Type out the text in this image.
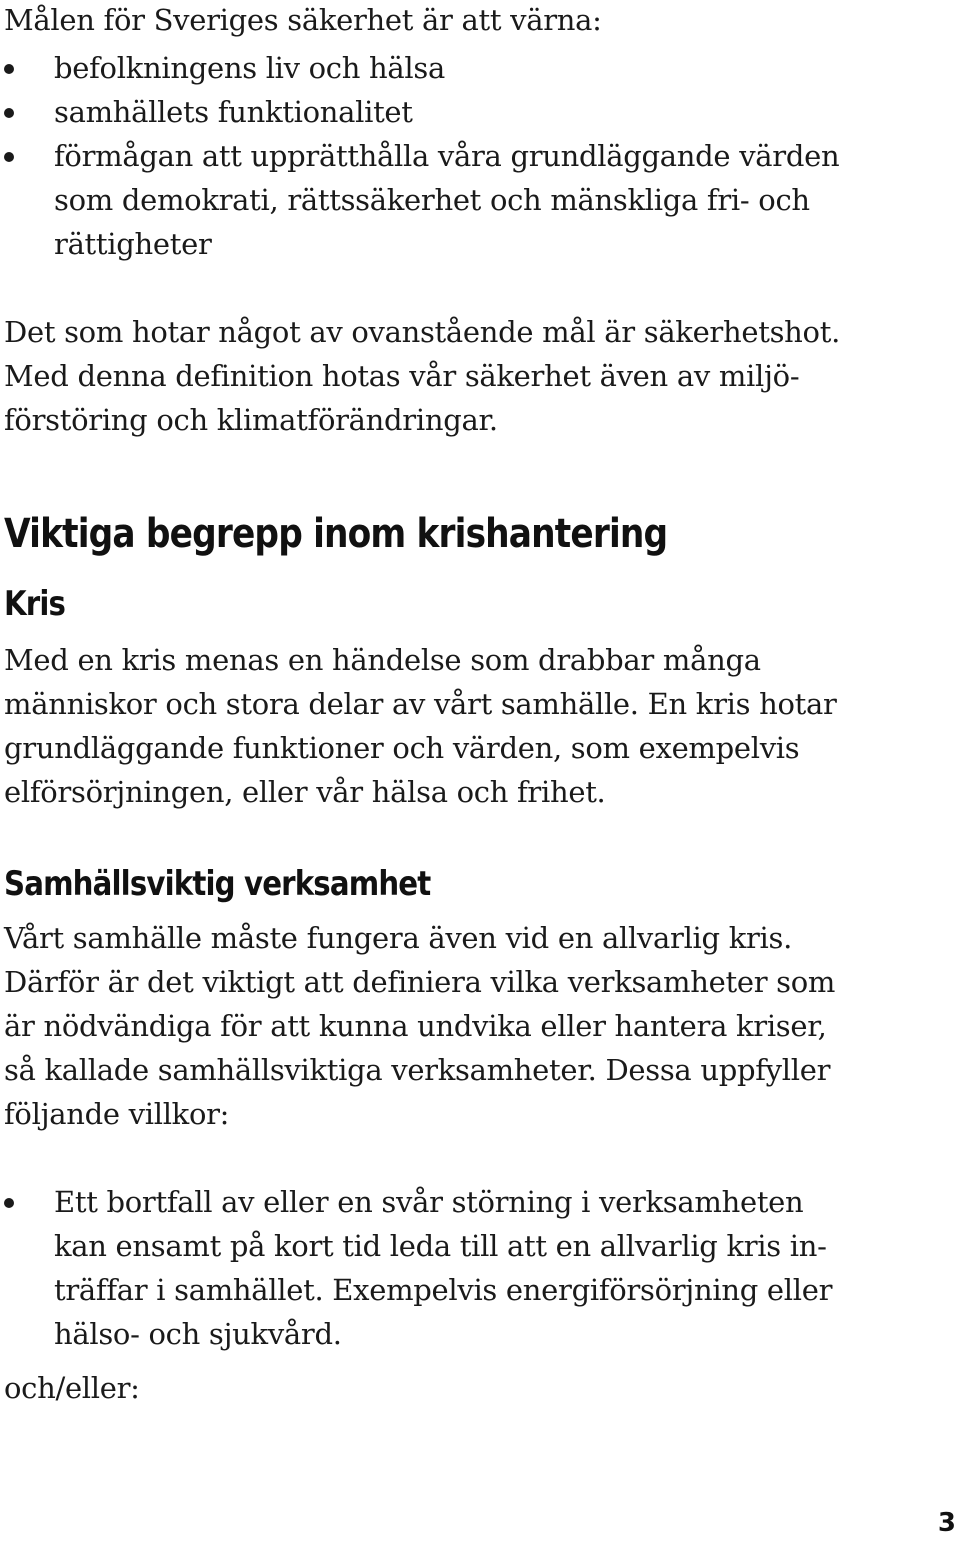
Målen för Sveriges säkerhet är att värna:
befolkningens liv och hälsa
samhällets funktionalitet
förmågan att upprätthålla våra grundläggande värden
som demokrati, rättssäkerhet och mänskliga fri- och
rättigheter
Det som hotar något av ovanstående mål är säkerhetshot.
Med denna definition hotas vår säkerhet även av miljö-
förstöring och klimatförändringar.
Viktiga begrepp inom krishantering
Kris
Med en kris menas en händelse som drabbar många
människor och stora delar av vårt samhälle. En kris hotar
grundläggande funktioner och värden, som exempelvis
elförsörjningen, eller vår hälsa och frihet.
Samhällsviktig verksamhet
Vårt samhälle måste fungera även vid en allvarlig kris.
Därför är det viktigt att definiera vilka verksamheter som
är nödvändiga för att kunna undvika eller hantera kriser,
så kallade samhällsviktiga verksamheter. Dessa uppfyller
följande villkor:
Ett bortfall av eller en svår störning i verksamheten
kan ensamt på kort tid leda till att en allvarlig kris in-
träffar i samhället. Exempelvis energiförsörjning eller
hälso- och sjukvård.
och/eller:
3
